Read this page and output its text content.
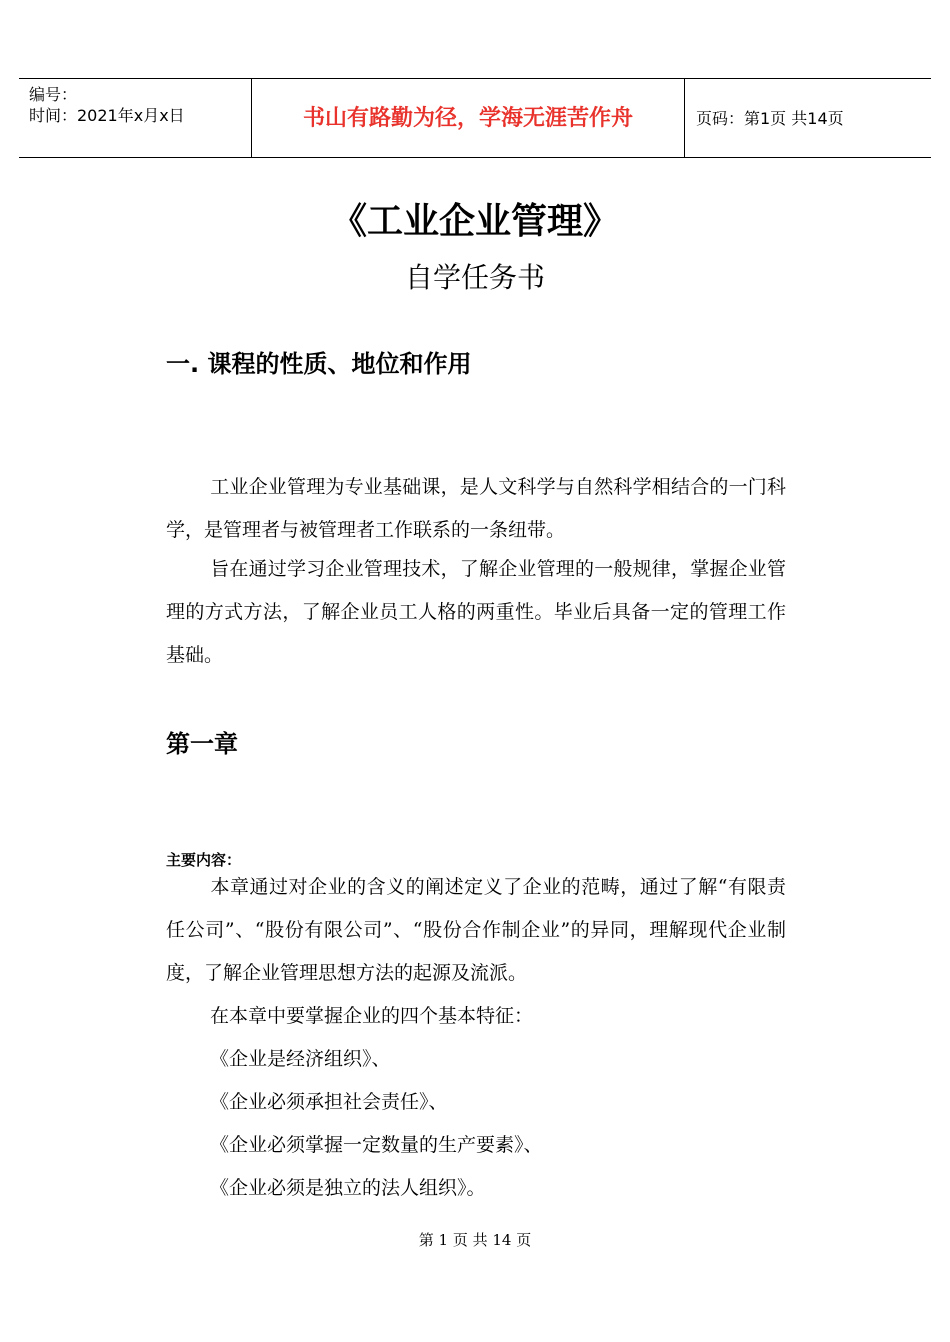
编号：
时间：2021年x月x日	书山有路勤为径，学海无涯苦作舟	页码：第1页 共14页
《工业企业管理》
自学任务书
一. 课程的性质、地位和作用
工业企业管理为专业基础课，是人文科学与自然科学相结合的一门科学，是管理者与被管理者工作联系的一条纽带。
旨在通过学习企业管理技术，了解企业管理的一般规律，掌握企业管理的方式方法，了解企业员工人格的两重性。毕业后具备一定的管理工作基础。
第一章
主要内容：
本章通过对企业的含义的阐述定义了企业的范畴，通过了解“有限责任公司”、“股份有限公司”、“股份合作制企业”的异同，理解现代企业制度，了解企业管理思想方法的起源及流派。
在本章中要掌握企业的四个基本特征：
《企业是经济组织》、
《企业必须承担社会责任》、
《企业必须掌握一定数量的生产要素》、
《企业必须是独立的法人组织》。
第 1 页 共 14 页
